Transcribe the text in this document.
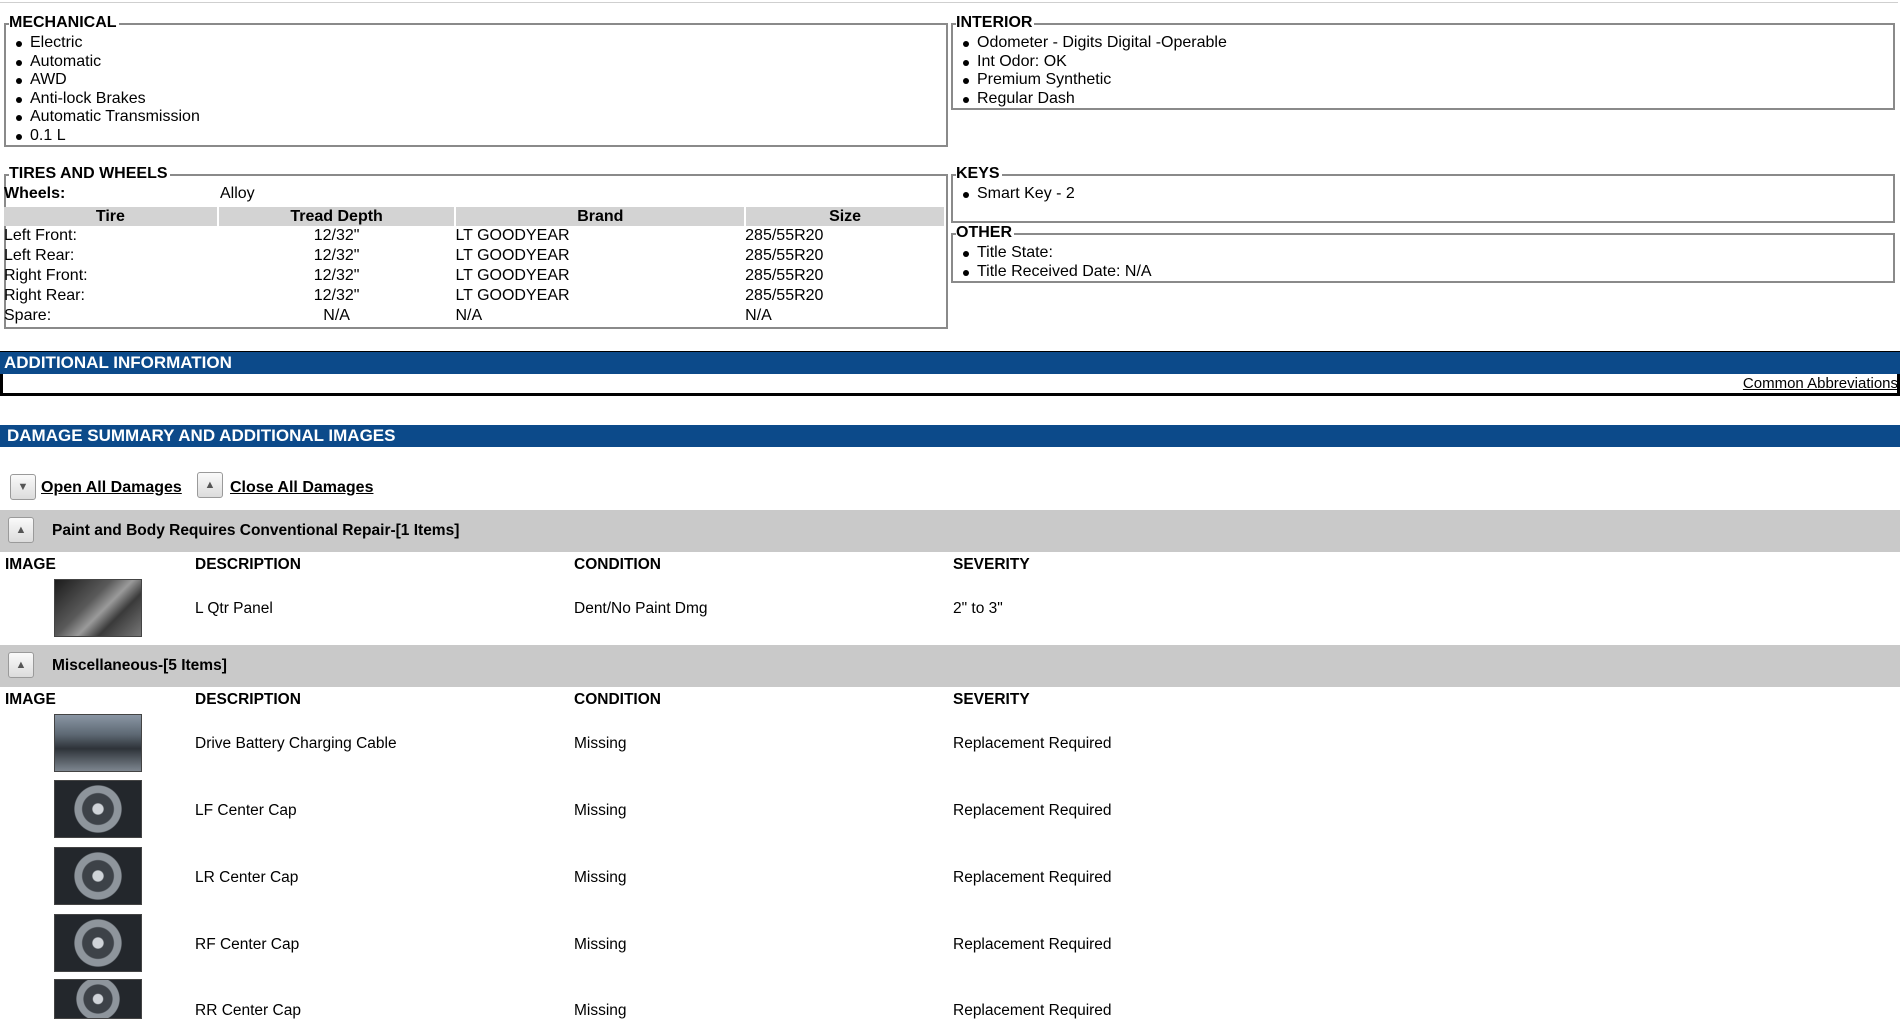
MECHANICAL
Electric
Automatic
AWD
Anti-lock Brakes
Automatic Transmission
0.1 L
INTERIOR
Odometer - Digits Digital -Operable
Int Odor: OK
Premium Synthetic
Regular Dash
TIRES AND WHEELS
Wheels:	Alloy
Tire	Tread Depth	Brand	Size
Left Front:	12/32"	LT GOODYEAR	285/55R20
Left Rear:	12/32"	LT GOODYEAR	285/55R20
Right Front:	12/32"	LT GOODYEAR	285/55R20
Right Rear:	12/32"	LT GOODYEAR	285/55R20
Spare:	N/A	N/A	N/A
KEYS
Smart Key - 2
OTHER
Title State:
Title Received Date: N/A
ADDITIONAL INFORMATION
Common Abbreviations
DAMAGE SUMMARY AND ADDITIONAL IMAGES
▼ Open All Damages ▲ Close All Damages
▲ Paint and Body Requires Conventional Repair-[1 Items]
IMAGE	DESCRIPTION	CONDITION	SEVERITY
L Qtr Panel	Dent/No Paint Dmg	2" to 3"
▲ Miscellaneous-[5 Items]
IMAGE	DESCRIPTION	CONDITION	SEVERITY
Drive Battery Charging Cable	Missing	Replacement Required
LF Center Cap	Missing	Replacement Required
LR Center Cap	Missing	Replacement Required
RF Center Cap	Missing	Replacement Required
RR Center Cap	Missing	Replacement Required
